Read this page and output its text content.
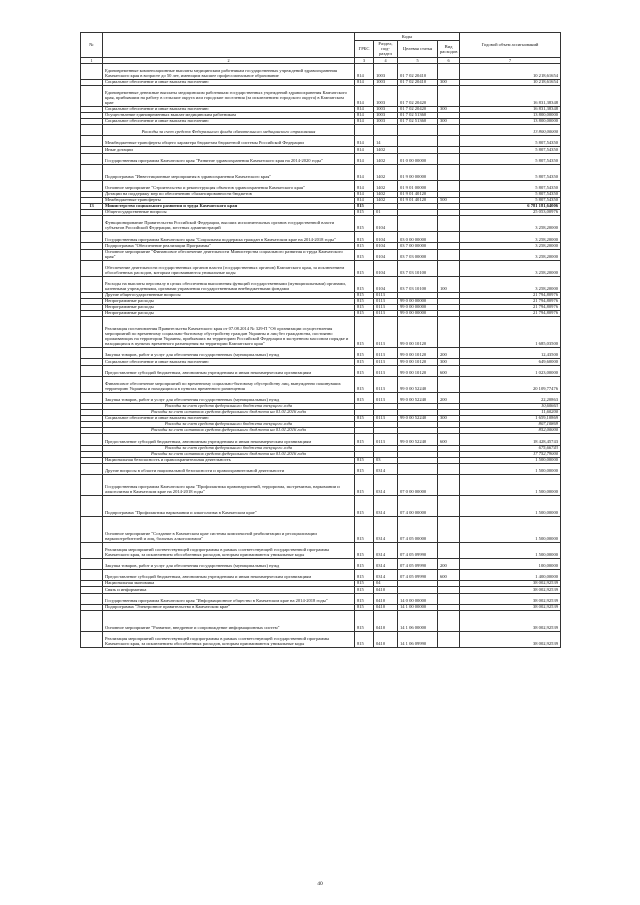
№		Коды				Годовой объем ассигнований
		ГРБС	Раздел, под-раздел	Целевая статья	Вид расходов	
1	2	3	4	5	6	7
	Единовременные компенсационные выплаты медицинским работникам государственных учреждений здравоохранения Камчатского края в возрасте до 50 лет, имеющим высшее профессиональное образование	814	1003	01 7 02 20410		10 218,61654
	Социальное обеспечение и иные выплаты населению	814	1003	01 7 02 20410	300	10 218,61654
	Единовременные денежные выплаты медицинским работникам государственных учреждений здравоохранения Камчатского края, прибывшим на работу в сельские округа или городские поселения (за исключением городского округа) в Камчатском крае	814	1003	01 7 02 20420		16 831,38348
	Социальное обеспечение и иные выплаты населению	814	1003	01 7 02 20420	300	16 831,38348
	Осуществление единовременных выплат медицинским работникам	814	1003	01 7 02 51360		13 800,00000
	Социальное обеспечение и иные выплаты населению	814	1003	01 7 02 51360	300	13 800,00000
	Расходы за счет средств Федерального фонда обязательного медицинского страхования					13 800,00000
	Межбюджетные трансферты общего характера бюджетам бюджетной системы Российской Федерации	814	14			5 807,54350
	Иные дотации	814	1402			5 807,54350
	Государственная программа Камчатского края "Развитие здравоохранения Камчатского края на 2014-2020 годы"	814	1402	01 0 00 00000		5 807,54350
	Подпрограмма "Инвестиционные мероприятия в здравоохранении Камчатского края"	814	1402	01 9 00 00000		5 807,54350
	Основное мероприятие "Строительство и реконструкция объектов здравоохранения Камчатского края"	814	1402	01 9 01 00000		5 807,54350
	Дотации на поддержку мер по обеспечению сбалансированности бюджетов	814	1402	01 9 01 40120		5 807,54350
	Межбюджетные трансферты	814	1402	01 9 01 40120	500	5 807,54350
13	Министерство социального развития и труда Камчатского края	815				6 781 181,64006
	Общегосударственные вопросы	815	01			25 053,00976
	Функционирование Правительства Российской Федерации, высших исполнительных органов государственной власти субъектов Российской Федерации, местных администраций	815	0104			3 258,20000
	Государственная программа Камчатского края "Социальная поддержка граждан в Камчатском крае на 2014-2018 годы"	815	0104	03 0 00 00000		3 258,20000
	Подпрограмма "Обеспечение реализации Программы"	815	0104	03 7 00 00000		3 258,20000
	Основное мероприятие "Финансовое обеспечение деятельности Министерства социального развития и труда Камчатского края"	815	0104	03 7 03 00000		3 258,20000
	Обеспечение деятельности государственных органов власти (государственных органов) Камчатского края, за исключением обособленных расходов, которым присваиваются уникальные коды	815	0104	03 7 03 10100		3 258,20000
	Расходы на выплаты персоналу в целях обеспечения выполнения функций государственными (муниципальными) органами, казенными учреждениями, органами управления государственными внебюджетными фондами	815	0104	03 7 03 10100	100	3 258,20000
	Другие общегосударственные вопросы	815	0113			21 794,80976
	Непрограммные расходы	815	0113	99 0 00 00000		21 794,80976
	Непрограммные расходы	815	0113	99 0 00 00000		21 794,80976
	Непрограммные расходы	815	0113	99 0 00 00000		21 794,80976
	Реализация постановления Правительства Камчатского края от 07.08.2014 № 329-П "Об организации осуществления мероприятий по временному социально-бытовому обустройству граждан Украины и лиц без гражданства, постоянно проживающих на территории Украины, прибывших на территорию Российской Федерации в экстренном массовом порядке и находящихся в пунктах временного размещения на территории Камчатского края"	815	0113	99 0 00 10120		1 685,03500
	Закупка товаров, работ и услуг для обеспечения государственных (муниципальных) нужд	815	0113	99 0 00 10120	200	12,43500
	Социальное обеспечение и иные выплаты населению	815	0113	99 0 00 10120	300	649,60000
	Предоставление субсидий бюджетным, автономным учреждениям и иным некоммерческим организациям	815	0113	99 0 00 10120	600	1 023,00000
	Финансовое обеспечение мероприятий по временному социально-бытовому обустройству лиц, вынужденно покинувших территорию Украины и находящихся в пунктах временного размещения	815	0113	99 0 00 52240		20 109,77476
	Закупка товаров, работ и услуг для обеспечения государственных (муниципальных) нужд	815	0113	99 0 00 52240	200	22,20863
	Расходы за счет средств федерального бюджета текущего года					10,60663
	Расходы за счет остатков средств федерального бюджета на 01.01.2016 года					11,60200
	Социальное обеспечение и иные выплаты населению	815	0113	99 0 00 52240	300	1 659,10869
	Расходы за счет средств федерального бюджета текущего года					807,10869
	Расходы за счет остатков средств федерального бюджета на 01.01.2016 года					852,00000
	Предоставление субсидий бюджетным, автономным учреждениям и иным некоммерческим организациям	815	0113	99 0 00 52240	600	18 428,45743
	Расходы за счет средств федерального бюджета текущего года					675,66743
	Расходы за счет остатков средств федерального бюджета на 01.01.2016 года					17 752,79000
	Национальная безопасность и правоохранительная деятельность	815	03			1 500,00000
	Другие вопросы в области национальной безопасности и правоохранительной деятельности	815	0314			1 500,00000
	Государственная программа Камчатского края "Профилактика правонарушений, терроризма, экстремизма, наркомании и алкоголизма в Камчатском крае на 2014-2018 годы"	815	0314	07 0 00 00000		1 500,00000
	Подпрограмма "Профилактика наркомании и алкоголизма в Камчатском крае"	815	0314	07 4 00 00000		1 500,00000
	Основное мероприятие "Создание в Камчатском крае системы комплексной реабилитации и ресоциализации наркопотребителей и лиц, больных алкоголизмом"	815	0314	07 4 05 00000		1 500,00000
	Реализация мероприятий соответствующей подпрограммы в рамках соответствующей государственной программы Камчатского края, за исключением обособленных расходов, которым присваиваются уникальные коды	815	0314	07 4 05 09990		1 500,00000
	Закупка товаров, работ и услуг для обеспечения государственных (муниципальных) нужд	815	0314	07 4 05 09990	200	100,00000
	Предоставление субсидий бюджетным, автономным учреждениям и иным некоммерческим организациям	815	0314	07 4 05 09990	600	1 400,00000
	Национальная экономика	815	04			38 002,92539
	Связь и информатика	815	0410			38 002,92539
	Государственная программа Камчатского края "Информационное общество в Камчатском крае на 2014-2018 годы"	815	0410	14 0 00 00000		38 002,92539
	Подпрограмма "Электронное правительство в Камчатском крае"	815	0410	14 1 00 00000		38 002,92539
	Основное мероприятие "Развитие, внедрение и сопровождение информационных систем"	815	0410	14 1 06 00000		38 002,92539
	Реализация мероприятий соответствующей подпрограммы в рамках соответствующей государственной программы Камчатского края, за исключением обособленных расходов, которым присваиваются уникальные коды	815	0410	14 1 06 09990		38 002,92539
40
